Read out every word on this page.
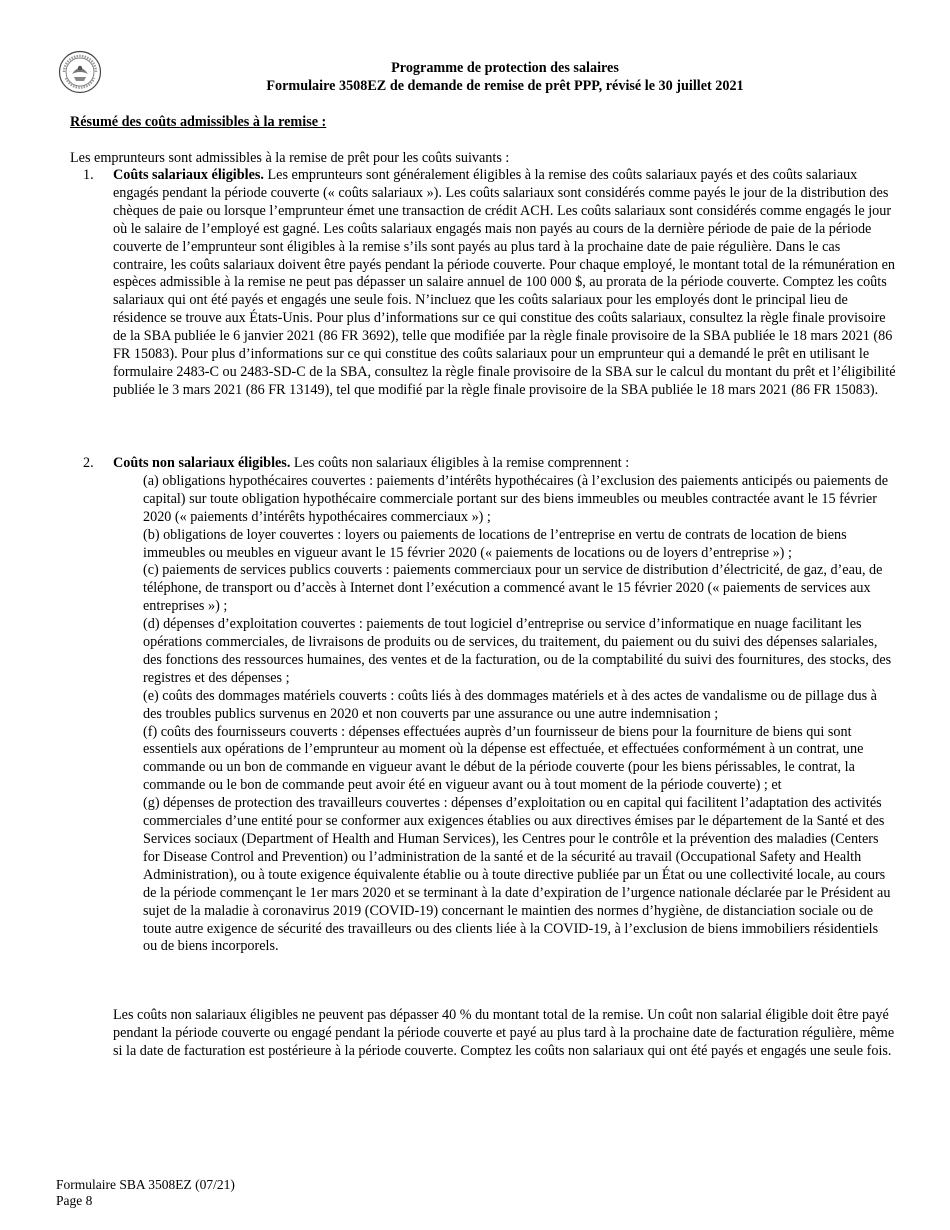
Programme de protection des salaires
Formulaire 3508EZ de demande de remise de prêt PPP, révisé le 30 juillet 2021
Résumé des coûts admissibles à la remise :
Les emprunteurs sont admissibles à la remise de prêt pour les coûts suivants :
1. Coûts salariaux éligibles. Les emprunteurs sont généralement éligibles à la remise des coûts salariaux payés et des coûts salariaux engagés pendant la période couverte (« coûts salariaux »). Les coûts salariaux sont considérés comme payés le jour de la distribution des chèques de paie ou lorsque l’emprunteur émet une transaction de crédit ACH. Les coûts salariaux sont considérés comme engagés le jour où le salaire de l’employé est gagné. Les coûts salariaux engagés mais non payés au cours de la dernière période de paie de la période couverte de l’emprunteur sont éligibles à la remise s’ils sont payés au plus tard à la prochaine date de paie régulière. Dans le cas contraire, les coûts salariaux doivent être payés pendant la période couverte. Pour chaque employé, le montant total de la rémunération en espèces admissible à la remise ne peut pas dépasser un salaire annuel de 100 000 $, au prorata de la période couverte. Comptez les coûts salariaux qui ont été payés et engagés une seule fois. N’incluez que les coûts salariaux pour les employés dont le principal lieu de résidence se trouve aux États-Unis. Pour plus d’informations sur ce qui constitue des coûts salariaux, consultez la règle finale provisoire de la SBA publiée le 6 janvier 2021 (86 FR 3692), telle que modifiée par la règle finale provisoire de la SBA publiée le 18 mars 2021 (86 FR 15083). Pour plus d’informations sur ce qui constitue des coûts salariaux pour un emprunteur qui a demandé le prêt en utilisant le formulaire 2483-C ou 2483-SD-C de la SBA, consultez la règle finale provisoire de la SBA sur le calcul du montant du prêt et l’éligibilité publiée le 3 mars 2021 (86 FR 13149), tel que modifié par la règle finale provisoire de la SBA publiée le 18 mars 2021 (86 FR 15083).

2. Coûts non salariaux éligibles. Les coûts non salariaux éligibles à la remise comprennent :

(a) obligations hypothécaires couvertes : paiements d’intérêts hypothécaires (à l’exclusion des paiements anticipés ou paiements de capital) sur toute obligation hypothécaire commerciale portant sur des biens immeubles ou meubles contractée avant le 15 février 2020 (« paiements d’intérêts hypothécaires commerciaux ») ;

(b) obligations de loyer couvertes : loyers ou paiements de locations de l’entreprise en vertu de contrats de location de biens immeubles ou meubles en vigueur avant le 15 février 2020 (« paiements de locations ou de loyers d’entreprise ») ;

(c) paiements de services publics couverts : paiements commerciaux pour un service de distribution d’électricité, de gaz, d’eau, de téléphone, de transport ou d’accès à Internet dont l’exécution a commencé avant le 15 février 2020 (« paiements de services aux entreprises ») ;

(d) dépenses d’exploitation couvertes : paiements de tout logiciel d’entreprise ou service d’informatique en nuage facilitant les opérations commerciales, de livraisons de produits ou de services, du traitement, du paiement ou du suivi des dépenses salariales, des fonctions des ressources humaines, des ventes et de la facturation, ou de la comptabilité du suivi des fournitures, des stocks, des registres et des dépenses ;

(e) coûts des dommages matériels couverts : coûts liés à des dommages matériels et à des actes de vandalisme ou de pillage dus à des troubles publics survenus en 2020 et non couverts par une assurance ou une autre indemnisation ;

(f) coûts des fournisseurs couverts : dépenses effectuées auprès d’un fournisseur de biens pour la fourniture de biens qui sont essentiels aux opérations de l’emprunteur au moment où la dépense est effectuée, et effectuées conformément à un contrat, une commande ou un bon de commande en vigueur avant le début de la période couverte (pour les biens périssables, le contrat, la commande ou le bon de commande peut avoir été en vigueur avant ou à tout moment de la période couverte) ; et

(g) dépenses de protection des travailleurs couvertes : dépenses d’exploitation ou en capital qui facilitent l’adaptation des activités commerciales d’une entité pour se conformer aux exigences établies ou aux directives émises par le département de la Santé et des Services sociaux (Department of Health and Human Services), les Centres pour le contrôle et la prévention des maladies (Centers for Disease Control and Prevention) ou l’administration de la santé et de la sécurité au travail (Occupational Safety and Health Administration), ou à toute exigence équivalente établie ou à toute directive publiée par un État ou une collectivité locale, au cours de la période commençant le 1er mars 2020 et se terminant à la date d’expiration de l’urgence nationale déclarée par le Président au sujet de la maladie à coronavirus 2019 (COVID-19) concernant le maintien des normes d’hygiène, de distanciation sociale ou de toute autre exigence de sécurité des travailleurs ou des clients liée à la COVID-19, à l’exclusion de biens immobiliers résidentiels ou de biens incorporels.

Les coûts non salariaux éligibles ne peuvent pas dépasser 40 % du montant total de la remise. Un coût non salarial éligible doit être payé pendant la période couverte ou engagé pendant la période couverte et payé au plus tard à la prochaine date de facturation régulière, même si la date de facturation est postérieure à la période couverte. Comptez les coûts non salariaux qui ont été payés et engagés une seule fois.

Formulaire SBA 3508EZ (07/21)
Page 8
